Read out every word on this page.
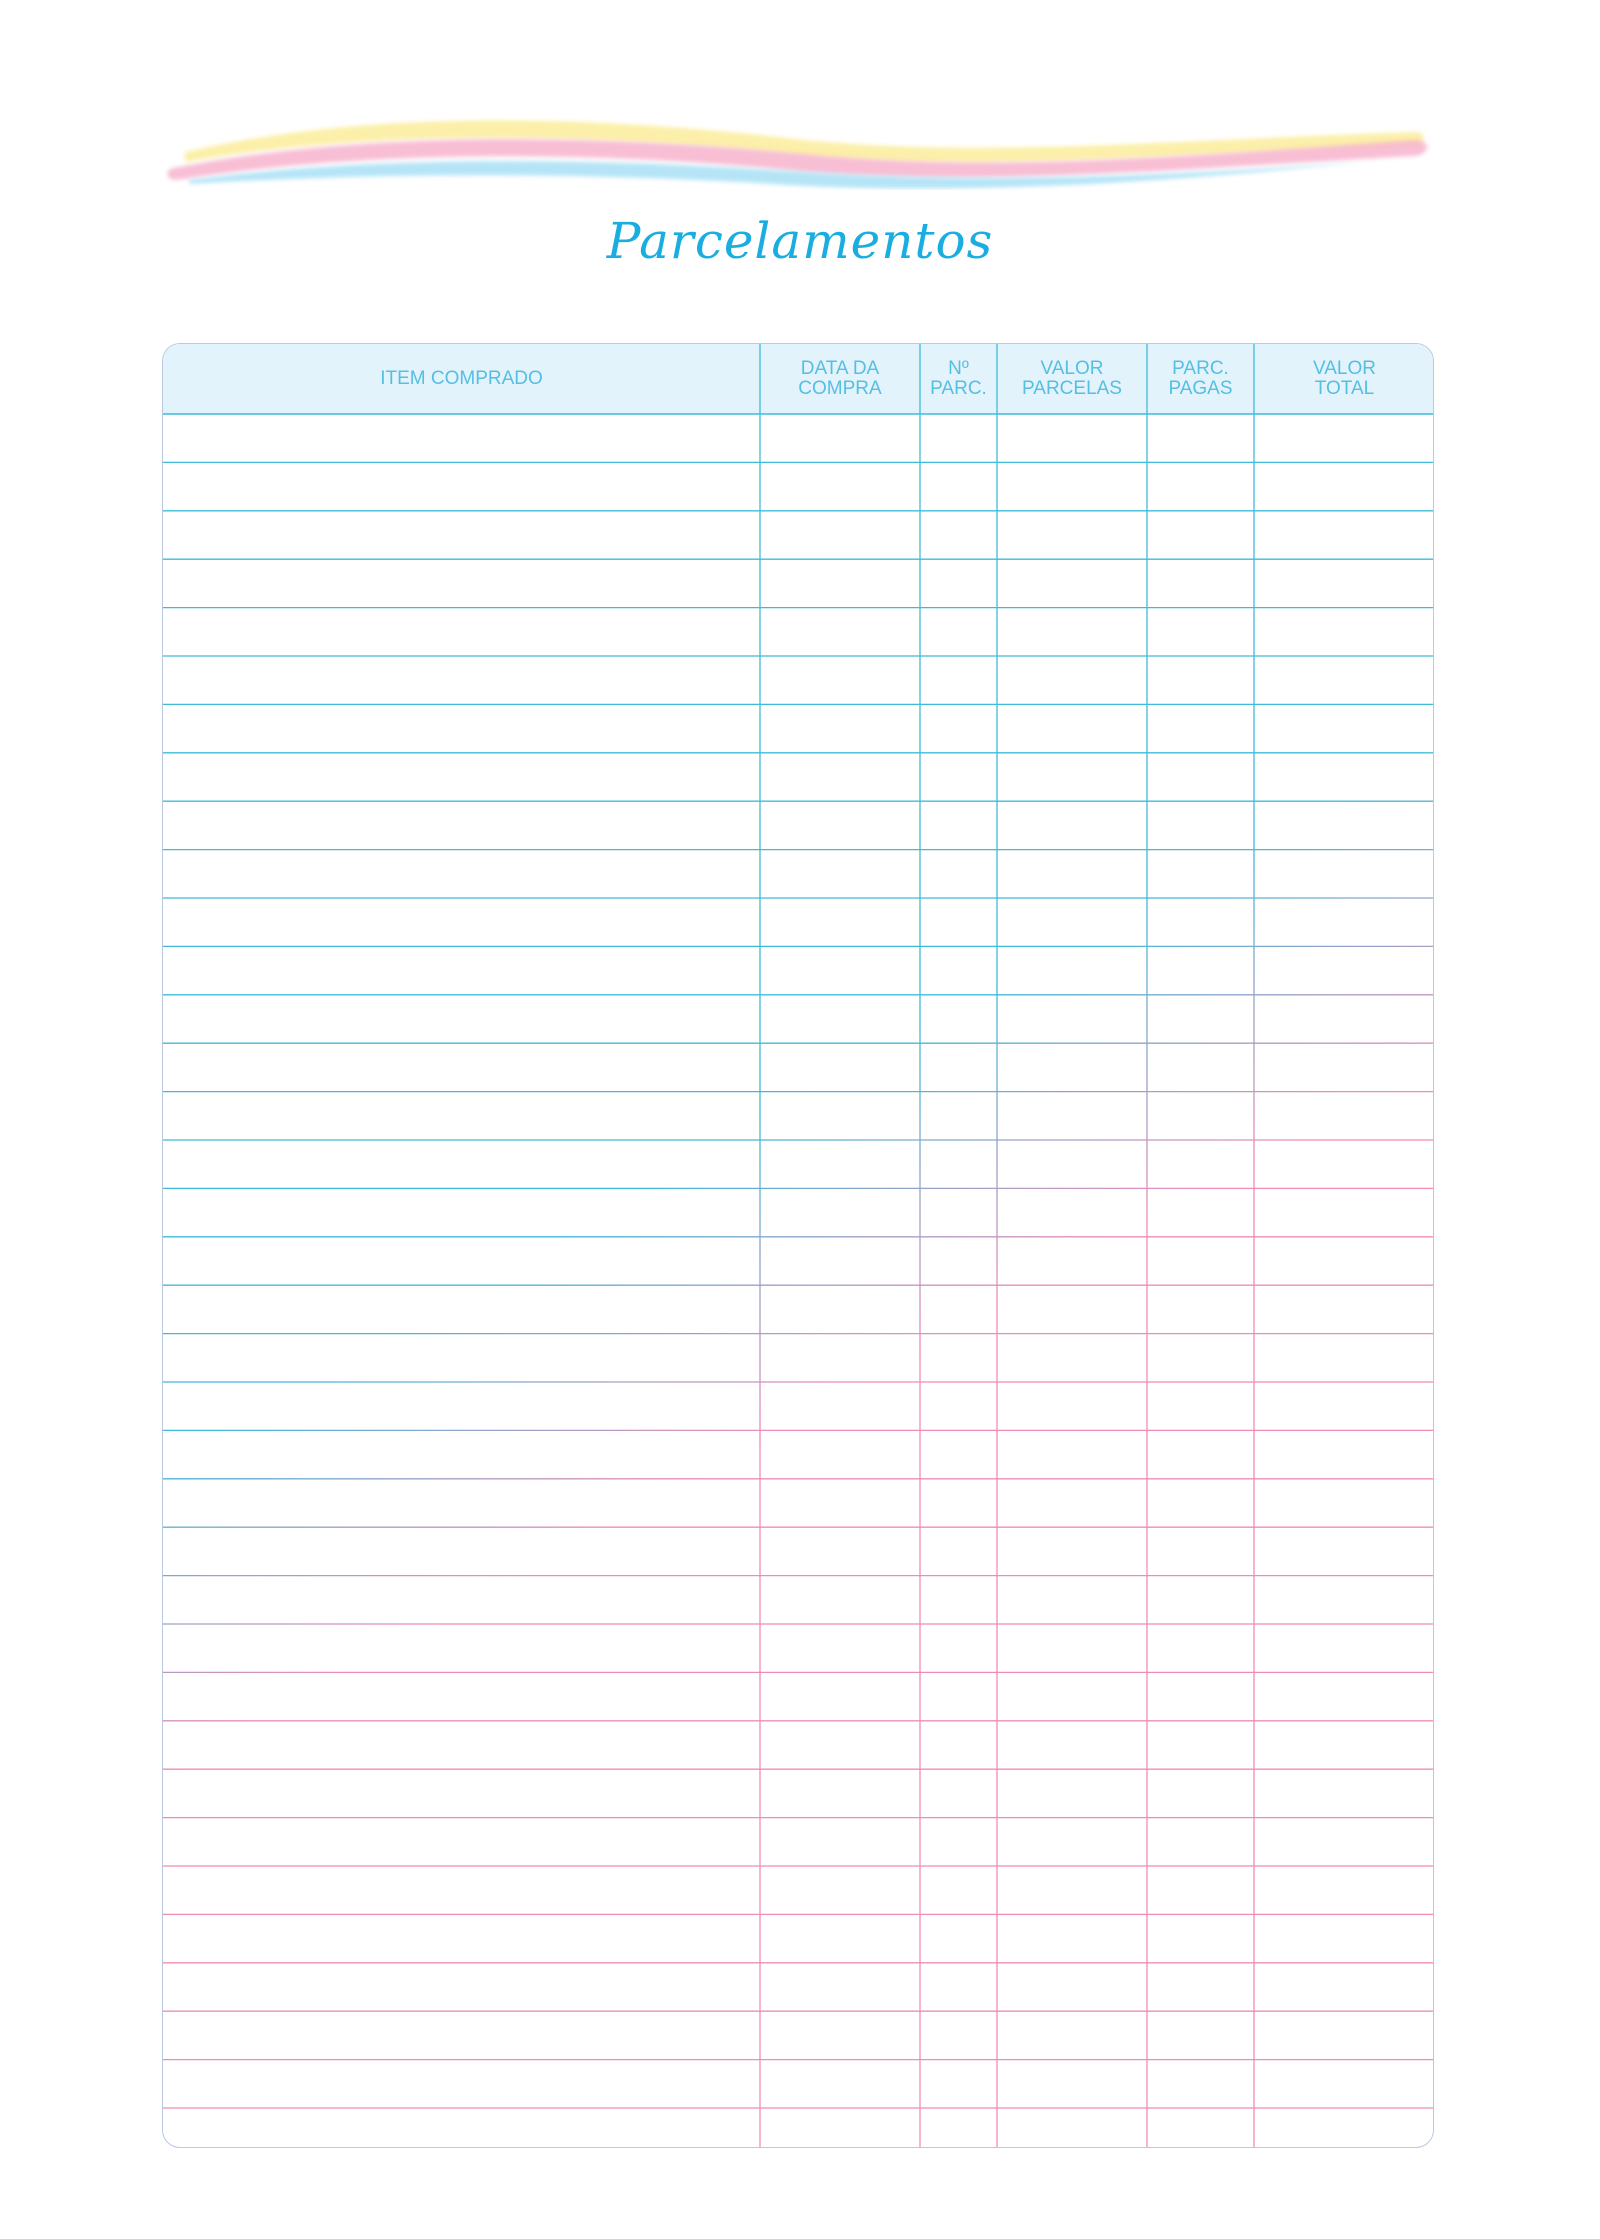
Parcelamentos
ITEM COMPRADO	DATA DA
COMPRA
Nº
PARC.
VALOR
PARCELAS
PARC.
PAGAS
VALOR
TOTAL
